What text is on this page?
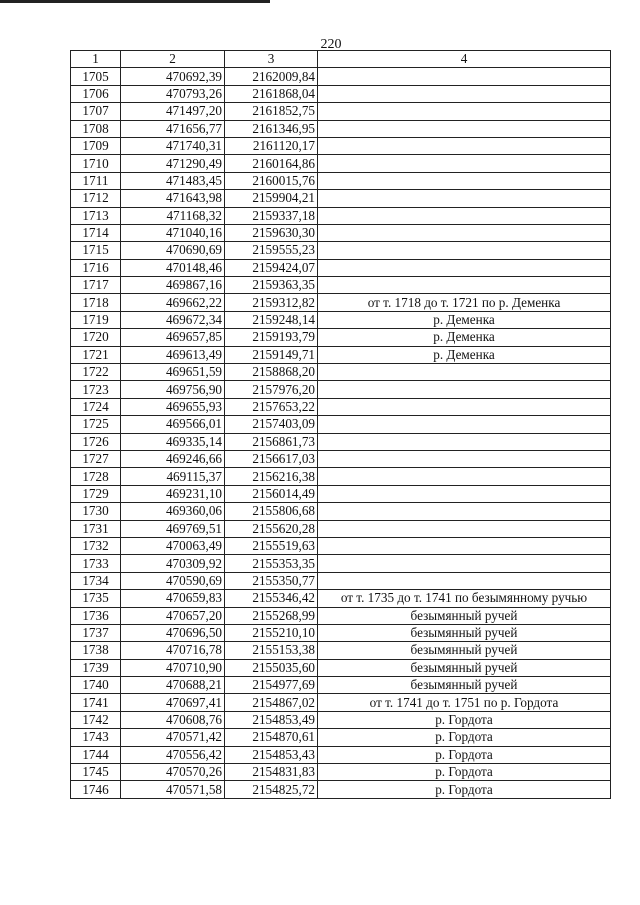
220
1	2	3	4
1705	470692,39	2162009,84	
1706	470793,26	2161868,04	
1707	471497,20	2161852,75	
1708	471656,77	2161346,95	
1709	471740,31	2161120,17	
1710	471290,49	2160164,86	
1711	471483,45	2160015,76	
1712	471643,98	2159904,21	
1713	471168,32	2159337,18	
1714	471040,16	2159630,30	
1715	470690,69	2159555,23	
1716	470148,46	2159424,07	
1717	469867,16	2159363,35	
1718	469662,22	2159312,82	от т. 1718 до т. 1721 по р. Деменка
1719	469672,34	2159248,14	р. Деменка
1720	469657,85	2159193,79	р. Деменка
1721	469613,49	2159149,71	р. Деменка
1722	469651,59	2158868,20	
1723	469756,90	2157976,20	
1724	469655,93	2157653,22	
1725	469566,01	2157403,09	
1726	469335,14	2156861,73	
1727	469246,66	2156617,03	
1728	469115,37	2156216,38	
1729	469231,10	2156014,49	
1730	469360,06	2155806,68	
1731	469769,51	2155620,28	
1732	470063,49	2155519,63	
1733	470309,92	2155353,35	
1734	470590,69	2155350,77	
1735	470659,83	2155346,42	от т. 1735 до т. 1741 по безымянному ручью
1736	470657,20	2155268,99	безымянный ручей
1737	470696,50	2155210,10	безымянный ручей
1738	470716,78	2155153,38	безымянный ручей
1739	470710,90	2155035,60	безымянный ручей
1740	470688,21	2154977,69	безымянный ручей
1741	470697,41	2154867,02	от т. 1741 до т. 1751 по р. Гордота
1742	470608,76	2154853,49	р. Гордота
1743	470571,42	2154870,61	р. Гордота
1744	470556,42	2154853,43	р. Гордота
1745	470570,26	2154831,83	р. Гордота
1746	470571,58	2154825,72	р. Гордота
